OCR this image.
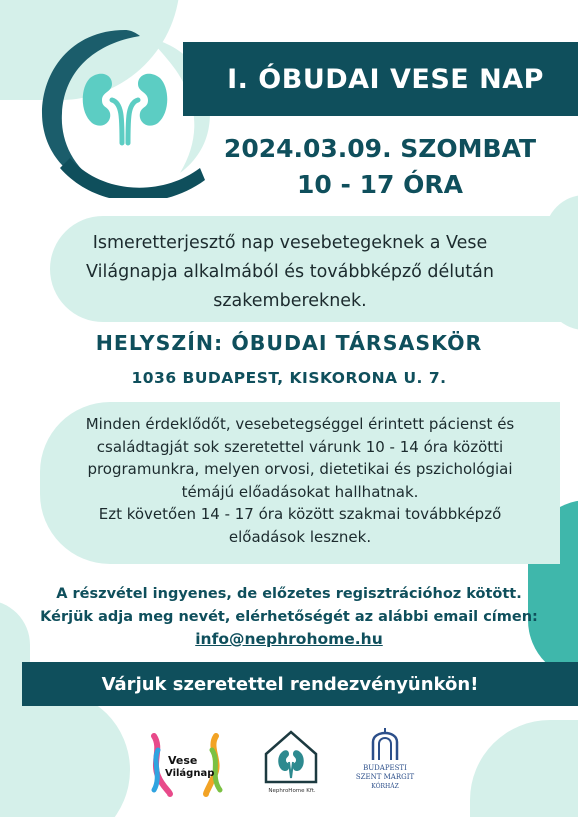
I. ÓBUDAI VESE NAP
2024.03.09. SZOMBAT
10 - 17 ÓRA
Ismeretterjesztő nap vesebetegeknek a Vese
Világnapja alkalmából és továbbképző délután
szakembereknek.
HELYSZÍN: ÓBUDAI TÁRSASKÖR
1036 BUDAPEST, KISKORONA U. 7.
Minden érdeklődőt, vesebetegséggel érintett pácienst és
családtagját sok szeretettel várunk 10 - 14 óra közötti
programunkra, melyen orvosi, dietetikai és pszichológiai
témájú előadásokat hallhatnak.
Ezt követően 14 - 17 óra között szakmai továbbképző
előadások lesznek.
A részvétel ingyenes, de előzetes regisztrációhoz kötött.
Kérjük adja meg nevét, elérhetőségét az alábbi email címen:
info@nephrohome.hu
Várjuk szeretettel rendezvényünkön!
Vese
Világnap
NephroHome Kft.
BUDAPESTI
SZENT MARGIT
KÓRHÁZ
